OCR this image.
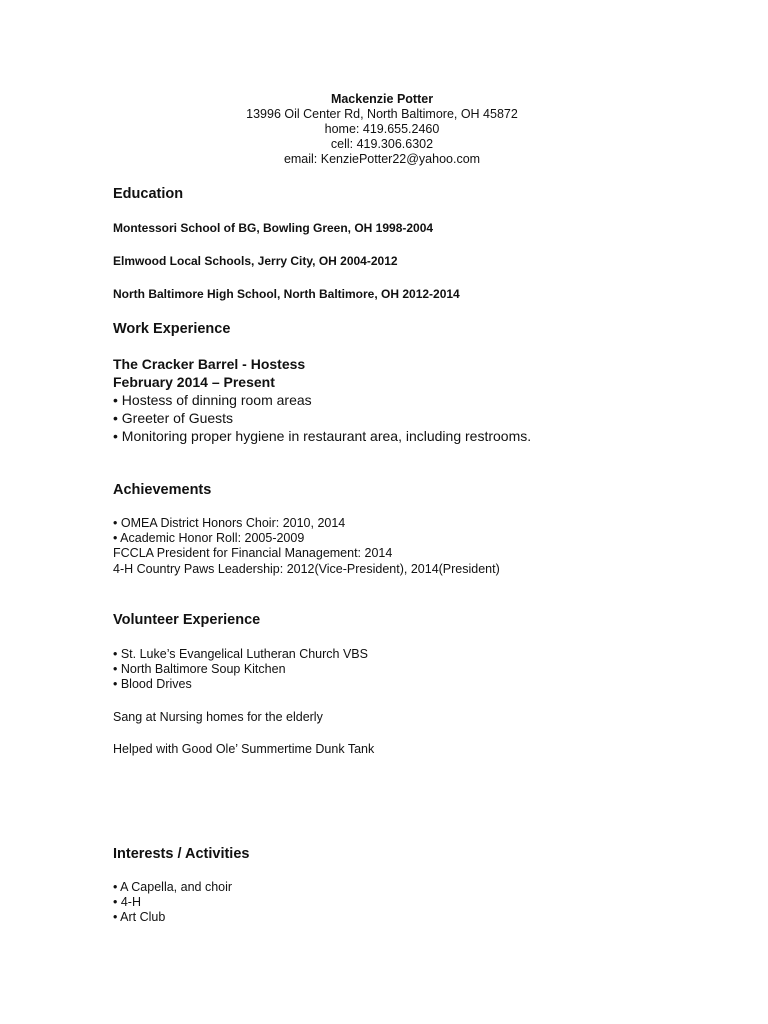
Mackenzie Potter
13996 Oil Center Rd, North Baltimore, OH 45872
home: 419.655.2460
cell: 419.306.6302
email: KenziePotter22@yahoo.com
Education
Montessori School of BG, Bowling Green, OH 1998-2004
Elmwood Local Schools, Jerry City, OH 2004-2012
North Baltimore High School, North Baltimore, OH 2012-2014
Work Experience
The Cracker Barrel - Hostess
February 2014 – Present
• Hostess of dinning room areas
• Greeter of Guests
• Monitoring proper hygiene in restaurant area, including restrooms.
Achievements
• OMEA District Honors Choir: 2010, 2014
• Academic Honor Roll: 2005-2009
FCCLA President for Financial Management: 2014
4-H Country Paws Leadership: 2012(Vice-President), 2014(President)
Volunteer Experience
• St. Luke’s Evangelical Lutheran Church VBS
• North Baltimore Soup Kitchen
• Blood Drives
Sang at Nursing homes for the elderly
Helped with Good Ole’ Summertime Dunk Tank
Interests / Activities
• A Capella, and choir
• 4-H
• Art Club
